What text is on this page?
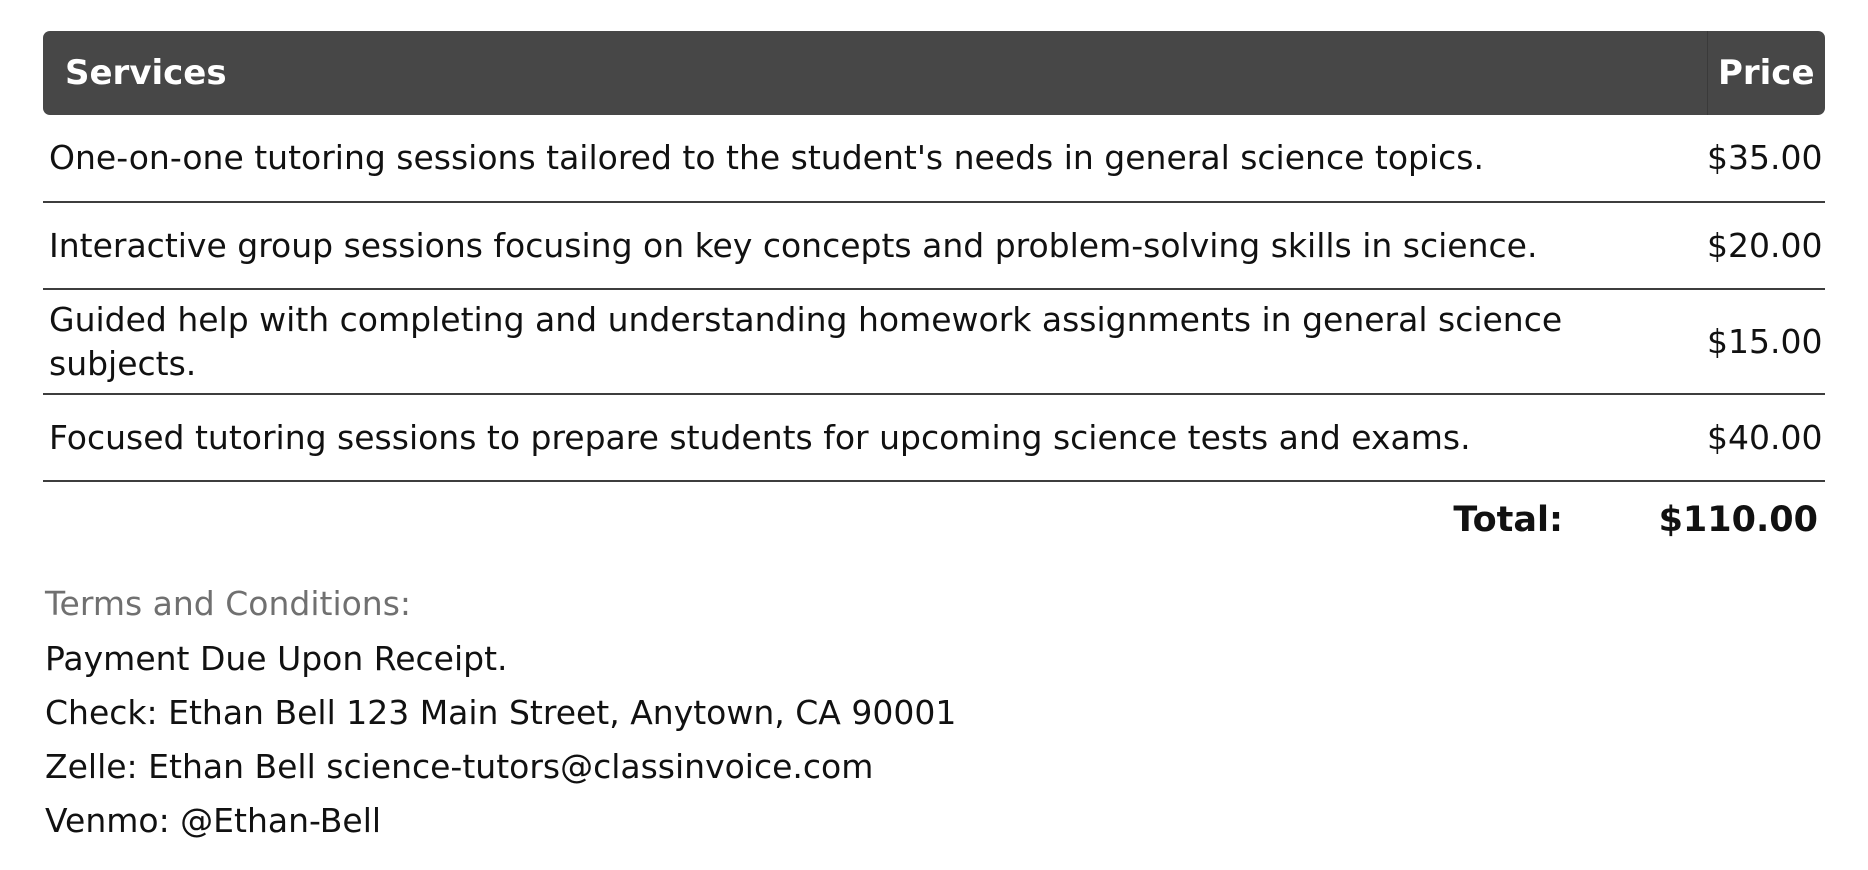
Services	Price

One-on-one tutoring sessions tailored to the student's needs in general science topics.	$35.00
Interactive group sessions focusing on key concepts and problem-solving skills in science.	$20.00
Guided help with completing and understanding homework assignments in general science subjects.	$15.00
Focused tutoring sessions to prepare students for upcoming science tests and exams.	$40.00
Total:	$110.00
Terms and Conditions:
Payment Due Upon Receipt.
Check: Ethan Bell 123 Main Street, Anytown, CA 90001
Zelle: Ethan Bell science-tutors@classinvoice.com
Venmo: @Ethan-Bell
